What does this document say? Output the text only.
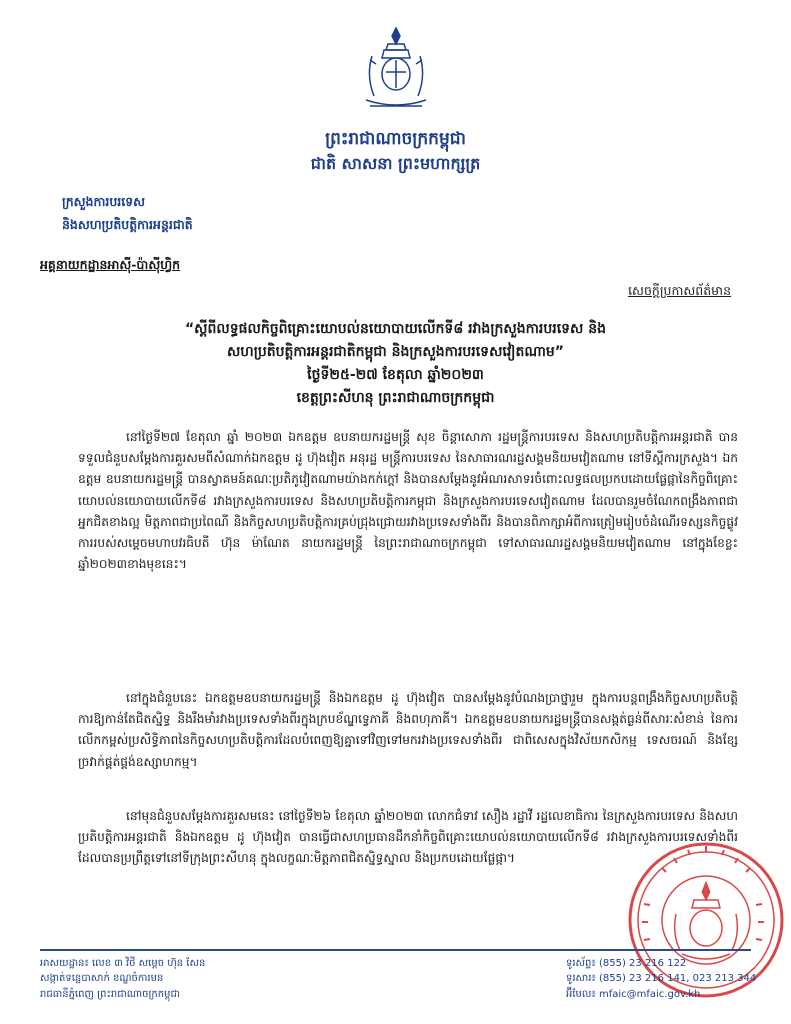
ព្រះរាជាណាចក្រកម្ពុជា
ជាតិ សាសនា ព្រះមហាក្សត្រ
ក្រសួងការបរទេស
និងសហប្រតិបត្តិការអន្តរជាតិ
អគ្គនាយកដ្ឋានអាស៊ី-ប៉ាស៊ីហ្វិក
សេចក្តីប្រកាសព័ត៌មាន
“ស្តីពីលទ្ធផលកិច្ចពិគ្រោះយោបល់នយោបាយលើកទី៨ រវាងក្រសួងការបរទេស និង
សហប្រតិបត្តិការអន្តរជាតិកម្ពុជា និងក្រសួងការបរទេសវៀតណាម”
ថ្ងៃទី២៥-២៧ ខែតុលា ឆ្នាំ២០២៣
ខេត្តព្រះសីហនុ ព្រះរាជាណាចក្រកម្ពុជា
នៅថ្ងៃទី២៧ ខែតុលា ឆ្នាំ ២០២៣ ឯកឧត្តម ឧបនាយករដ្ឋមន្ត្រី សុខ ចិន្តាសោភា រដ្ឋមន្ត្រីការបរទេស និងសហប្រតិបត្តិការអន្តរជាតិ បានទទួលជំនួបសម្តែងការគួរសមពីសំណាក់ឯកឧត្តម ដូ ហ៊ុងវៀត អនុរដ្ឋ មន្ត្រីការបរទេស នៃសាធារណរដ្ឋសង្គមនិយមវៀតណាម នៅទីស្តីការក្រសួង។ ឯកឧត្តម ឧបនាយករដ្ឋមន្ត្រី បានស្វាគមន៍គណៈប្រតិភូវៀតណាមយ៉ាងកក់ក្តៅ និងបានសម្តែងនូវអំណរសាទរចំពោះលទ្ធផលប្រកបដោយផ្លែផ្កានៃកិច្ចពិគ្រោះយោបល់នយោបាយលើកទី៨ រវាងក្រសួងការបរទេស និងសហប្រតិបត្តិការកម្ពុជា និងក្រសួងការបរទេសវៀតណាម ដែលបានរួមចំណែកពង្រឹងភាពជាអ្នកជិតខាងល្អ មិត្តភាពជាប្រពៃណី និងកិច្ចសហប្រតិបត្តិការគ្រប់ជ្រុងជ្រោយរវាងប្រទេសទាំងពីរ និងបានពិភាក្សាអំពីការត្រៀមរៀបចំដំណើរទស្សនកិច្ចផ្លូវការរបស់សម្តេចមហាបវរធិបតី ហ៊ុន ម៉ាណែត នាយករដ្ឋមន្ត្រី នៃព្រះរាជាណាចក្រកម្ពុជា ទៅសាធារណរដ្ឋសង្គមនិយមវៀតណាម នៅក្នុងខែខ្លះ ឆ្នាំ២០២៣ខាងមុខនេះ។
នៅក្នុងជំនួបនេះ ឯកឧត្តមឧបនាយករដ្ឋមន្ត្រី និងឯកឧត្តម ដូ ហ៊ុងវៀត បានសម្តែងនូវបំណងប្រាថ្នារួម ក្នុងការបន្តពង្រឹងកិច្ចសហប្រតិបត្តិការឱ្យកាន់តែជិតស្និទ្ធ និងរឹងមាំរវាងប្រទេសទាំងពីរក្នុងក្របខ័ណ្ឌទ្វេភាគី និងពហុភាគី។ ឯកឧត្តមឧបនាយករដ្ឋមន្ត្រីបានសង្កត់ធ្ងន់ពីសារៈសំខាន់ នៃការលើកកម្ពស់ប្រសិទ្ធិភាពនៃកិច្ចសហប្រតិបត្តិការដែលបំពេញឱ្យគ្នាទៅវិញទៅមករវាងប្រទេសទាំងពីរ ជាពិសេសក្នុងវិស័យកសិកម្ម ទេសចរណ៍ និងខ្សែច្រវាក់ផ្គត់ផ្គង់ឧស្សាហកម្ម។
នៅមុនជំនួបសម្តែងការគួរសមនេះ នៅថ្ងៃទី២៦ ខែតុលា ឆ្នាំ២០២៣ លោកជំទាវ សឿង រដ្ឋាវី រដ្ឋលេខាធិការ នៃក្រសួងការបរទេស និងសហប្រតិបត្តិការអន្តរជាតិ និងឯកឧត្តម ដូ ហ៊ុងវៀត បានធ្វើជាសហប្រធានដឹកនាំកិច្ចពិគ្រោះយោបល់នយោបាយលើកទី៨ រវាងក្រសួងការបរទេសទាំងពីរ ដែលបានប្រព្រឹត្តទៅនៅទីក្រុងព្រះសីហនុ ក្នុងលក្ខណៈមិត្តភាពជិតស្និទ្ធស្នាល និងប្រកបដោយផ្លែផ្កា។
អាសយដ្ឋាន៖ លេខ ៣ វិថី សម្តេច ហ៊ុន សែន
សង្កាត់ទន្លេបាសាក់ ខណ្ឌចំការមន
រាជធានីភ្នំពេញ ព្រះរាជាណាចក្រកម្ពុជា
ទូរស័ព្ទ៖ (855) 23 216 122
ទូរសារ៖ (855) 23 216 141, 023 213 344
អ៊ីមែល៖ mfaic@mfaic.gov.kh
